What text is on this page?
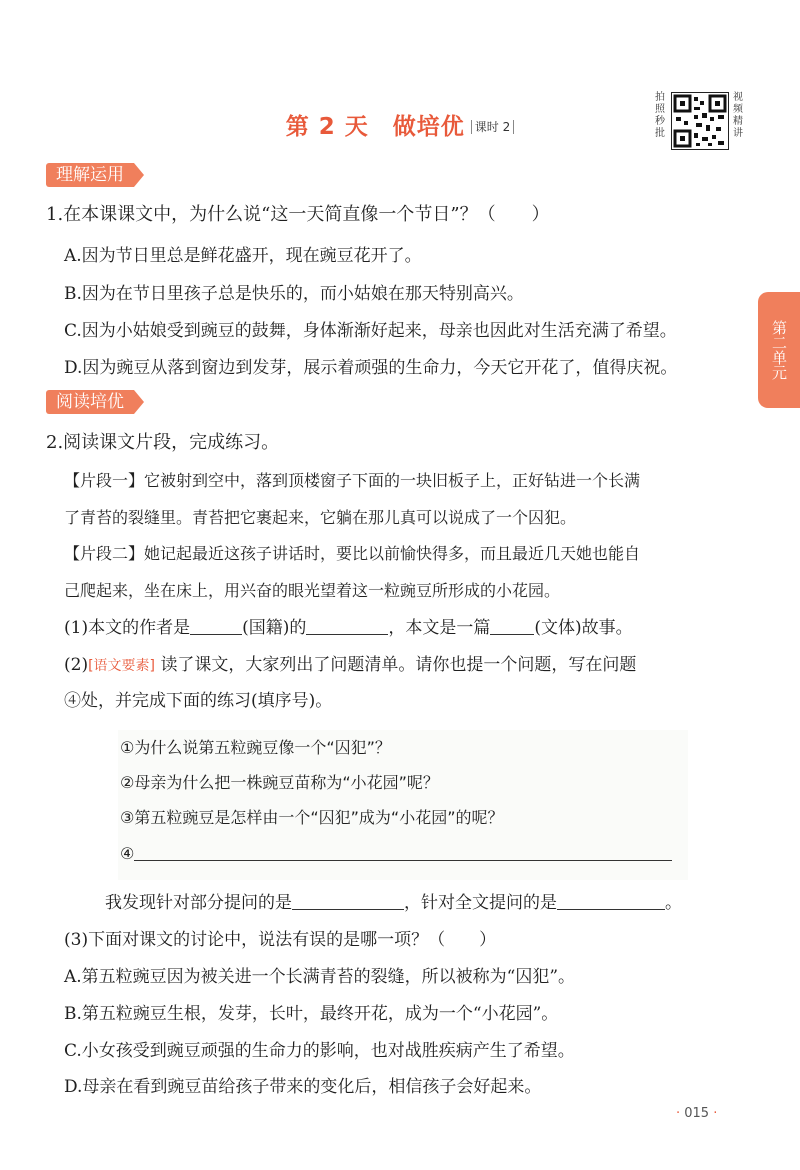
第 2 天　做培优 $^{课时 2}$
拍照秒批
视频精讲
理解运用
1.在本课课文中，为什么说“这一天简直像一个节日”？（　　）
A.因为节日里总是鲜花盛开，现在豌豆花开了。
B.因为在节日里孩子总是快乐的，而小姑娘在那天特别高兴。
C.因为小姑娘受到豌豆的鼓舞，身体渐渐好起来，母亲也因此对生活充满了希望。
D.因为豌豆从落到窗边到发芽，展示着顽强的生命力，今天它开花了，值得庆祝。
阅读培优
2.阅读课文片段，完成练习。
【片段一】它被射到空中，落到顶楼窗子下面的一块旧板子上，正好钻进一个长满
了青苔的裂缝里。青苔把它裹起来，它躺在那儿真可以说成了一个囚犯。
【片段二】她记起最近这孩子讲话时，要比以前愉快得多，而且最近几天她也能自
己爬起来，坐在床上，用兴奋的眼光望着这一粒豌豆所形成的小花园。
(1)本文的作者是	(国籍)的	，本文是一篇	(文体)故事。
(2)[语文要素] 读了课文，大家列出了问题清单。请你也提一个问题，写在问题
④处，并完成下面的练习(填序号)。
①为什么说第五粒豌豆像一个“囚犯”？
②母亲为什么把一株豌豆苗称为“小花园”呢？
③第五粒豌豆是怎样由一个“囚犯”成为“小花园”的呢？
④
我发现针对部分提问的是	，针对全文提问的是	。
(3)下面对课文的讨论中，说法有误的是哪一项？（　　）
A.第五粒豌豆因为被关进一个长满青苔的裂缝，所以被称为“囚犯”。
B.第五粒豌豆生根，发芽，长叶，最终开花，成为一个“小花园”。
C.小女孩受到豌豆顽强的生命力的影响，也对战胜疾病产生了希望。
D.母亲在看到豌豆苗给孩子带来的变化后，相信孩子会好起来。
第二单元
· 015 ·
